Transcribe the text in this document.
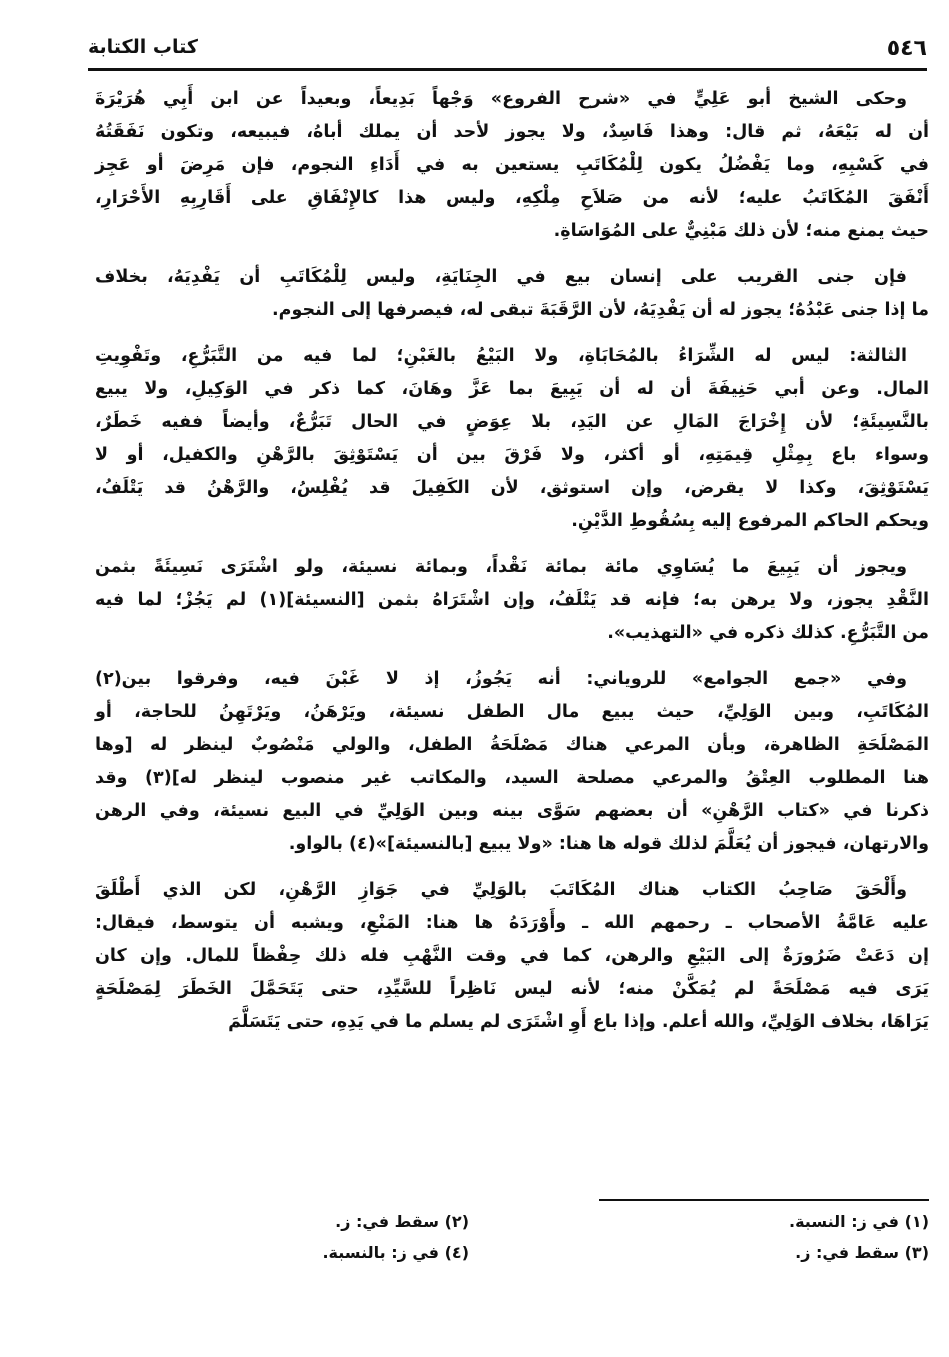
٥٤٦
كتاب الكتابة
وحكى الشيخ أبو عَلِيٍّ في «شرح الفروع» وَجْهاً بَدِيعاً، وبعيداً عن ابن أَبِي هُرَيْرَةَ
أن له بَيْعَهُ، ثم قال: وهذا فَاسِدٌ، ولا يجوز لأحد أن يملك أباهُ، فيبيعه، وتكون نَفَقَتُهُ
في كَسْبِهِ، وما يَفْضُلُ يكون لِلْمُكَاتَبِ يستعين به في أَدَاءِ النجوم، فإن مَرِضَ أو عَجِز
أَنْفَقَ المُكَاتَبُ عليه؛ لأنه من صَلاَحِ مِلْكِهِ، وليس هذا كالإِنْفَاقِ على أَقَارِبِهِ الأَحْرَارِ،
حيث يمنع منه؛ لأن ذلك مَبْنِيٌّ على المُوَاسَاةِ.
فإن جنى القريب على إنسان بيع في الجِنَايَةِ، وليس لِلْمُكَاتَبِ أن يَفْدِيَهُ، بخلاف
ما إذا جنى عَبْدُهُ؛ يجوز له أن يَفْدِيَهُ، لأن الرَّقَبَةَ تبقى له، فيصرفها إلى النجوم.
الثالثة: ليس له الشِّرَاءُ بالمُحَابَاةِ، ولا البَيْعُ بالغَبْنِ؛ لما فيه من التَّبَرُّعِ، وتَفْوِيتِ
المال. وعن أبي حَنِيفَةَ أن له أن يَبِيعَ بما عَزَّ وهَانَ، كما ذكر في الوَكِيلِ، ولا يبيع
بالنَّسِيئَةِ؛ لأن إِخْرَاجَ المَالِ عن اليَدِ، بلا عِوَضٍ في الحال تَبَرُّعٌ، وأيضاً ففيه خَطَرٌ،
وسواء باع بِمِثْلِ قِيمَتِهِ، أو أكثر، ولا فَرْقَ بين أن يَسْتَوْثِقَ بالرَّهْنِ والكفيل، أو لا
يَسْتَوْثِقَ، وكذا لا يقرض، وإن استوثق، لأن الكَفِيلَ قد يُفْلِسُ، والرَّهْنُ قد يَتْلَفُ،
ويحكم الحاكم المرفوع إليه بِسُقُوطِ الدَّيْنِ.
ويجوز أن يَبِيعَ ما يُسَاوِي مائة بمائة نَقْداً، وبمائة نسيئة، ولو اشْتَرَى نَسِيئَةً بثمن
النَّقْدِ يجوز، ولا يرهن به؛ فإنه قد يَتْلَفُ، وإن اشْتَرَاهُ بثمن [النسيئة](١) لم يَجُزْ؛ لما فيه
من التَّبَرُّعِ. كذلك ذكره في «التهذيب».
وفي «جمع الجوامع» للروياني: أنه يَجُوزُ، إذ لا غَبْنَ فيه، وفرقوا بين(٢)
المُكَاتَبِ، وبين الوَلِيِّ، حيث يبيع مال الطفل نسيئة، ويَرْهَنُ، ويَرْتَهِنُ للحاجة، أو
المَصْلَحَةِ الظاهرة، وبأن المرعي هناك مَصْلَحَةُ الطفل، والولي مَنْصُوبٌ لينظر له [وها
هنا المطلوب العِتْقُ والمرعي مصلحة السيد، والمكاتب غير منصوب لينظر له](٣) وقد
ذكرنا في «كتاب الرَّهْنِ» أن بعضهم سَوَّى بينه وبين الوَلِيِّ في البيع نسيئة، وفي الرهن
والارتهان، فيجوز أن يُعَلَّمَ لذلك قوله ها هنا: «ولا يبيع [بالنسيئة]»(٤) بالواو.
وأَلْحَقَ صَاحِبُ الكتاب هناك المُكَاتَبَ بالوَلِيِّ في جَوَازِ الرَّهْنِ، لكن الذي أَطْلَقَ
عليه عَامَّةُ الأصحاب ـ رحمهم الله ـ وأَوْرَدَهُ ها هنا: المَنْعِ، ويشبه أن يتوسط، فيقال:
إن دَعَتْ ضَرُورَةٌ إلى البَيْعِ والرهن، كما في وقت النَّهْبِ فله ذلك حِفْظاً للمال. وإن كان
يَرَى فيه مَصْلَحَةً لم يُمَكَّنْ منه؛ لأنه ليس نَاظِراً للسَّيِّدِ، حتى يَتَحَمَّلَ الخَطَرَ لِمَصْلَحَةٍ
يَرَاهَا، بخلاف الوَلِيِّ، والله أعلم. وإذا باع أَوِ اشْتَرَى لم يسلم ما في يَدِهِ، حتى يَتَسَلَّمَ
(١) في ز: النسبة.
(٢) سقط في: ز.
(٣) سقط في: ز.
(٤) في ز: بالنسبة.
